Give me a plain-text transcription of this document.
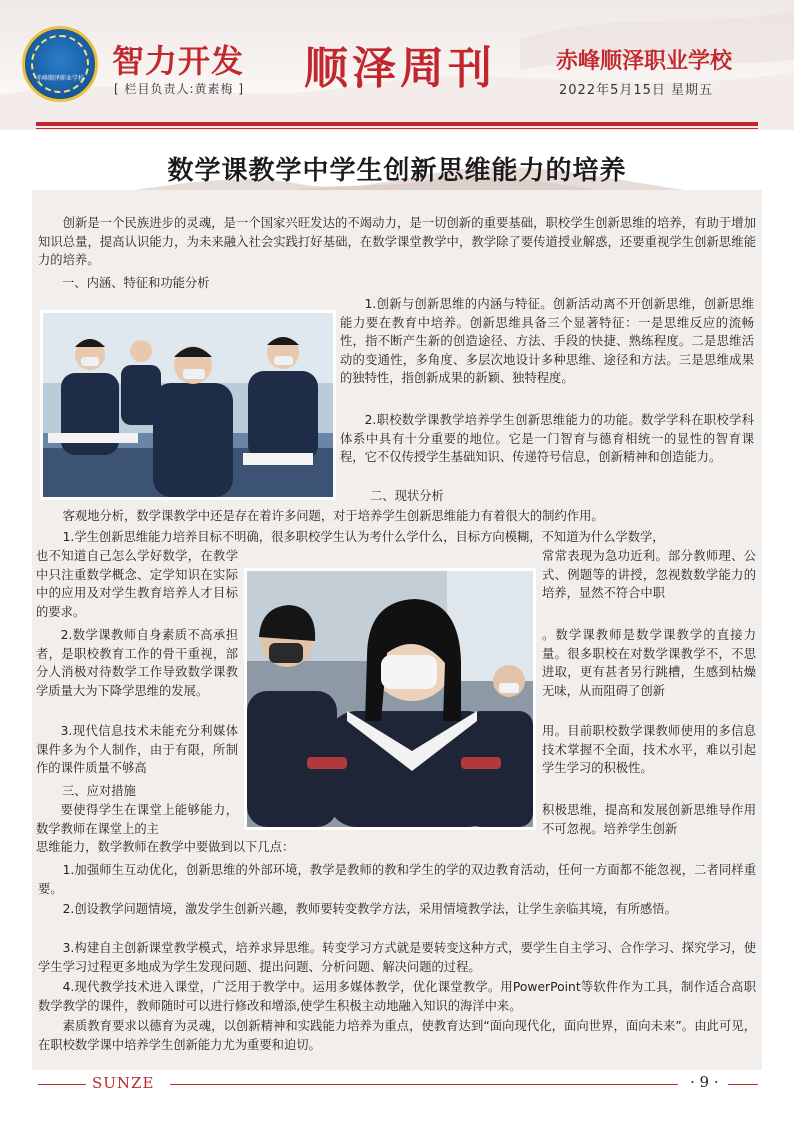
赤峰顺泽职业学校 智力开发
[ 栏目负责人:黄素梅 ] 顺泽周刊	赤峰顺泽职业学校
2022年5月15日 星期五
数学课教学中学生创新思维能力的培养

创新是一个民族进步的灵魂，是一个国家兴旺发达的不竭动力，是一切创新的重要基础，职校学生创新思维的培养，有助于增加知识总量，提高认识能力，为未来融入社会实践打好基础，在数学课堂教学中，教学除了要传道授业解惑，还要重视学生创新思维能力的培养。

一、内涵、特征和功能分析

1.创新与创新思维的内涵与特征。创新活动离不开创新思维，创新思维能力要在教育中培养。创新思维具备三个显著特征：一是思维反应的流畅性，指不断产生新的创造途径、方法、手段的快捷、熟练程度。二是思维活动的变通性，多角度、多层次地设计多种思维、途径和方法。三是思维成果的独特性，指创新成果的新颖、独特程度。

2.职校数学课教学培养学生创新思维能力的功能。数学学科在职校学科体系中具有十分重要的地位。它是一门智育与德育相统一的显性的智育课程，它不仅传授学生基础知识、传递符号信息，创新精神和创造能力。

二、现状分析

客观地分析，数学课教学中还是存在着许多问题，对于培养学生创新思维能力有着很大的制约作用。

1.学生创新思维能力培养目标不明确，很多职校学生认为考什么学什么，目标方向模糊，不知道为什么学数学，

也不知道自己怎么学好数学，在教学中只注重数学概念、定学知识在实际中的应用及对学生教育培养人才目标的要求。

常常表现为急功近利。部分教师理、公式、例题等的讲授，忽视数数学能力的培养，显然不符合中职

2.数学课教师自身素质不高承担者，是职校教育工作的骨干重视，部分人消极对待数学工作导致数学课教学质量大为下降学思维的发展。

。数学课教师是数学课教学的直接力量。很多职校在对数学课教学不，不思进取，更有甚者另行跳槽，生感到枯燥无味，从而阻碍了创新

3.现代信息技术未能充分利媒体课件多为个人制作，由于有限，所制作的课件质量不够高

用。目前职校数学课教师使用的多信息技术掌握不全面，技术水平，难以引起学生学习的积极性。

三、应对措施

要使得学生在课堂上能够能力，数学教师在课堂上的主

积极思维，提高和发展创新思维导作用不可忽视。培养学生创新

思维能力，数学教师在教学中要做到以下几点：

1.加强师生互动优化，创新思维的外部环境，教学是教师的教和学生的学的双边教育活动，任何一方面都不能忽视，二者同样重要。

2.创设教学问题情境，激发学生创新兴趣，教师要转变教学方法，采用情境教学法，让学生亲临其境，有所感悟。

3.构建自主创新课堂教学模式，培养求异思维。转变学习方式就是要转变这种方式，要学生自主学习、合作学习、探究学习，使学生学习过程更多地成为学生发现问题、提出问题、分析问题、解决问题的过程。

4.现代教学技术进入课堂，广泛用于教学中。运用多媒体教学，优化课堂教学。用PowerPoint等软件作为工具，制作适合高职数学教学的课件，教师随时可以进行修改和增添,使学生积极主动地融入知识的海洋中来。

素质教育要求以德育为灵魂，以创新精神和实践能力培养为重点，使教育达到“面向现代化，面向世界，面向未来”。由此可见，在职校数学课中培养学生创新能力尤为重要和迫切。

SUNZE	· 9 ·
